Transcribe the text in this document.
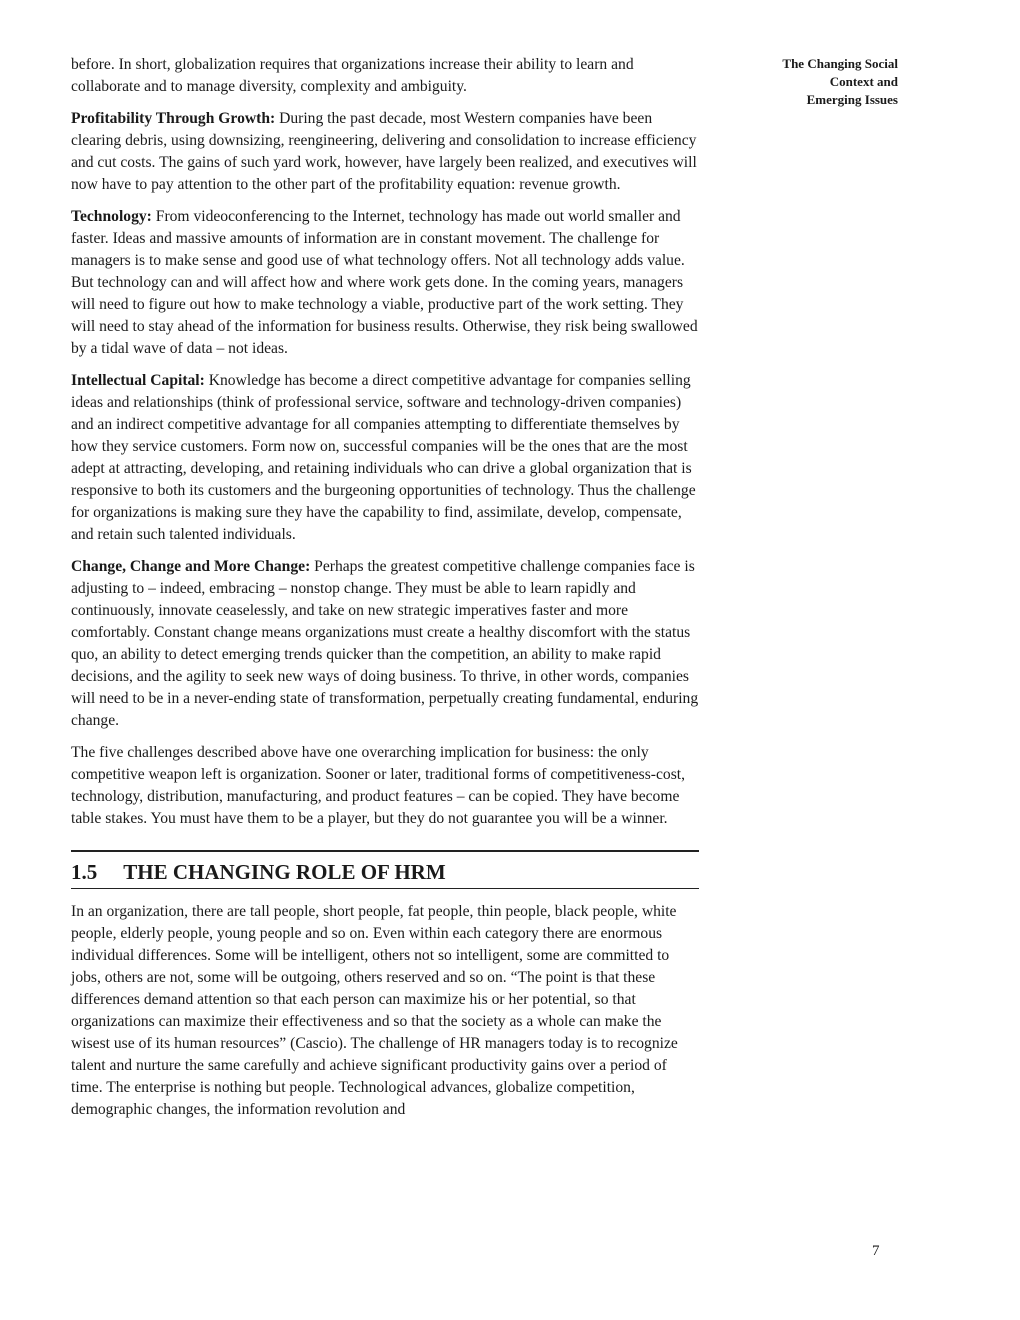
The Changing Social
Context and
Emerging Issues

before. In short, globalization requires that organizations increase their ability to learn and collaborate and to manage diversity, complexity and ambiguity.

Profitability Through Growth: During the past decade, most Western companies have been clearing debris, using downsizing, reengineering, delivering and consolidation to increase efficiency and cut costs. The gains of such yard work, however, have largely been realized, and executives will now have to pay attention to the other part of the profitability equation: revenue growth.

Technology: From videoconferencing to the Internet, technology has made out world smaller and faster. Ideas and massive amounts of information are in constant movement. The challenge for managers is to make sense and good use of what technology offers. Not all technology adds value. But technology can and will affect how and where work gets done. In the coming years, managers will need to figure out how to make technology a viable, productive part of the work setting. They will need to stay ahead of the information for business results. Otherwise, they risk being swallowed by a tidal wave of data – not ideas.

Intellectual Capital: Knowledge has become a direct competitive advantage for companies selling ideas and relationships (think of professional service, software and technology-driven companies) and an indirect competitive advantage for all companies attempting to differentiate themselves by how they service customers. Form now on, successful companies will be the ones that are the most adept at attracting, developing, and retaining individuals who can drive a global organization that is responsive to both its customers and the burgeoning opportunities of technology. Thus the challenge for organizations is making sure they have the capability to find, assimilate, develop, compensate, and retain such talented individuals.

Change, Change and More Change: Perhaps the greatest competitive challenge companies face is adjusting to – indeed, embracing – nonstop change. They must be able to learn rapidly and continuously, innovate ceaselessly, and take on new strategic imperatives faster and more comfortably. Constant change means organizations must create a healthy discomfort with the status quo, an ability to detect emerging trends quicker than the competition, an ability to make rapid decisions, and the agility to seek new ways of doing business. To thrive, in other words, companies will need to be in a never-ending state of transformation, perpetually creating fundamental, enduring change.

The five challenges described above have one overarching implication for business: the only competitive weapon left is organization. Sooner or later, traditional forms of competitiveness-cost, technology, distribution, manufacturing, and product features – can be copied. They have become table stakes. You must have them to be a player, but they do not guarantee you will be a winner.

1.5 THE CHANGING ROLE OF HRM

In an organization, there are tall people, short people, fat people, thin people, black people, white people, elderly people, young people and so on. Even within each category there are enormous individual differences. Some will be intelligent, others not so intelligent, some are committed to jobs, others are not, some will be outgoing, others reserved and so on. “The point is that these differences demand attention so that each person can maximize his or her potential, so that organizations can maximize their effectiveness and so that the society as a whole can make the wisest use of its human resources” (Cascio). The challenge of HR managers today is to recognize talent and nurture the same carefully and achieve significant productivity gains over a period of time. The enterprise is nothing but people. Technological advances, globalize competition, demographic changes, the information revolution and

7
